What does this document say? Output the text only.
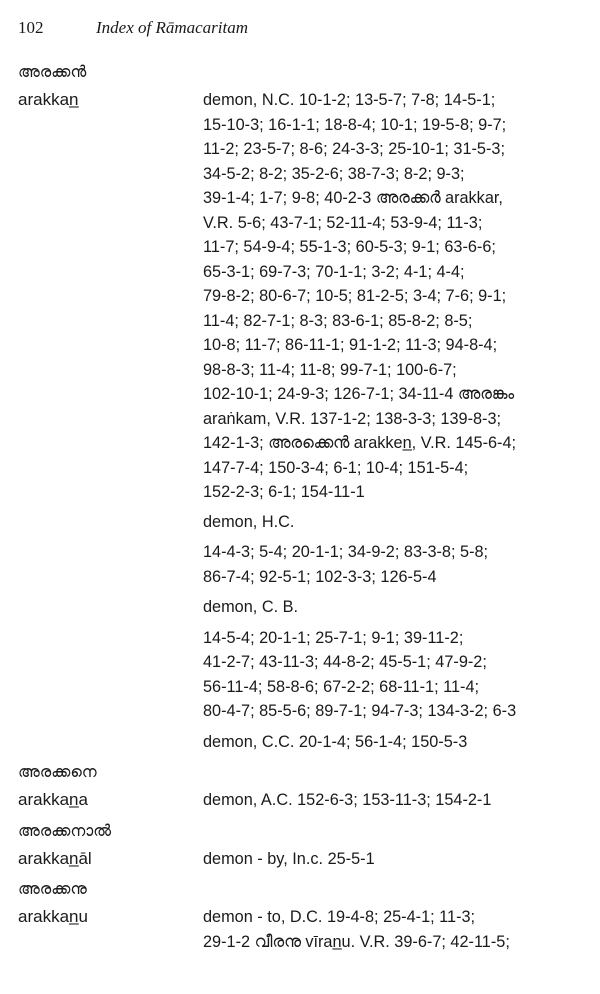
102	Index of Rāmacaritam
അരക്കൻ
arakkan̲	demon, N.C. 10-1-2; 13-5-7; 7-8; 14-5-1;
15-10-3; 16-1-1; 18-8-4; 10-1; 19-5-8; 9-7;
11-2; 23-5-7; 8-6; 24-3-3; 25-10-1; 31-5-3;
34-5-2; 8-2; 35-2-6; 38-7-3; 8-2; 9-3;
39-1-4; 1-7; 9-8; 40-2-3 അരക്കർ arakkar,
V.R. 5-6; 43-7-1; 52-11-4; 53-9-4; 11-3;
11-7; 54-9-4; 55-1-3; 60-5-3; 9-1; 63-6-6;
65-3-1; 69-7-3; 70-1-1; 3-2; 4-1; 4-4;
79-8-2; 80-6-7; 10-5; 81-2-5; 3-4; 7-6; 9-1;
11-4; 82-7-1; 8-3; 83-6-1; 85-8-2; 8-5;
10-8; 11-7; 86-11-1; 91-1-2; 11-3; 94-8-4;
98-8-3; 11-4; 11-8; 99-7-1; 100-6-7;
102-10-1; 24-9-3; 126-7-1; 34-11-4 അരങ്കം
araṅkam, V.R. 137-1-2; 138-3-3; 139-8-3;
142-1-3; അരക്കെൻ arakken̲, V.R. 145-6-4;
147-7-4; 150-3-4; 6-1; 10-4; 151-5-4;
152-2-3; 6-1; 154-11-1
demon, H.C.
14-4-3; 5-4; 20-1-1; 34-9-2; 83-3-8; 5-8;
86-7-4; 92-5-1; 102-3-3; 126-5-4
demon, C. B.
14-5-4; 20-1-1; 25-7-1; 9-1; 39-11-2;
41-2-7; 43-11-3; 44-8-2; 45-5-1; 47-9-2;
56-11-4; 58-8-6; 67-2-2; 68-11-1; 11-4;
80-4-7; 85-5-6; 89-7-1; 94-7-3; 134-3-2; 6-3
demon, C.C. 20-1-4; 56-1-4; 150-5-3
അരക്കനെ
arakkan̲a	demon, A.C. 152-6-3; 153-11-3; 154-2-1
അരക്കനാൽ
arakkan̲āl	demon - by, In.c. 25-5-1
അരക്കനു
arakkan̲u	demon - to, D.C. 19-4-8; 25-4-1; 11-3;
29-1-2 വീരനു vīran̲u. V.R. 39-6-7; 42-11-5;
